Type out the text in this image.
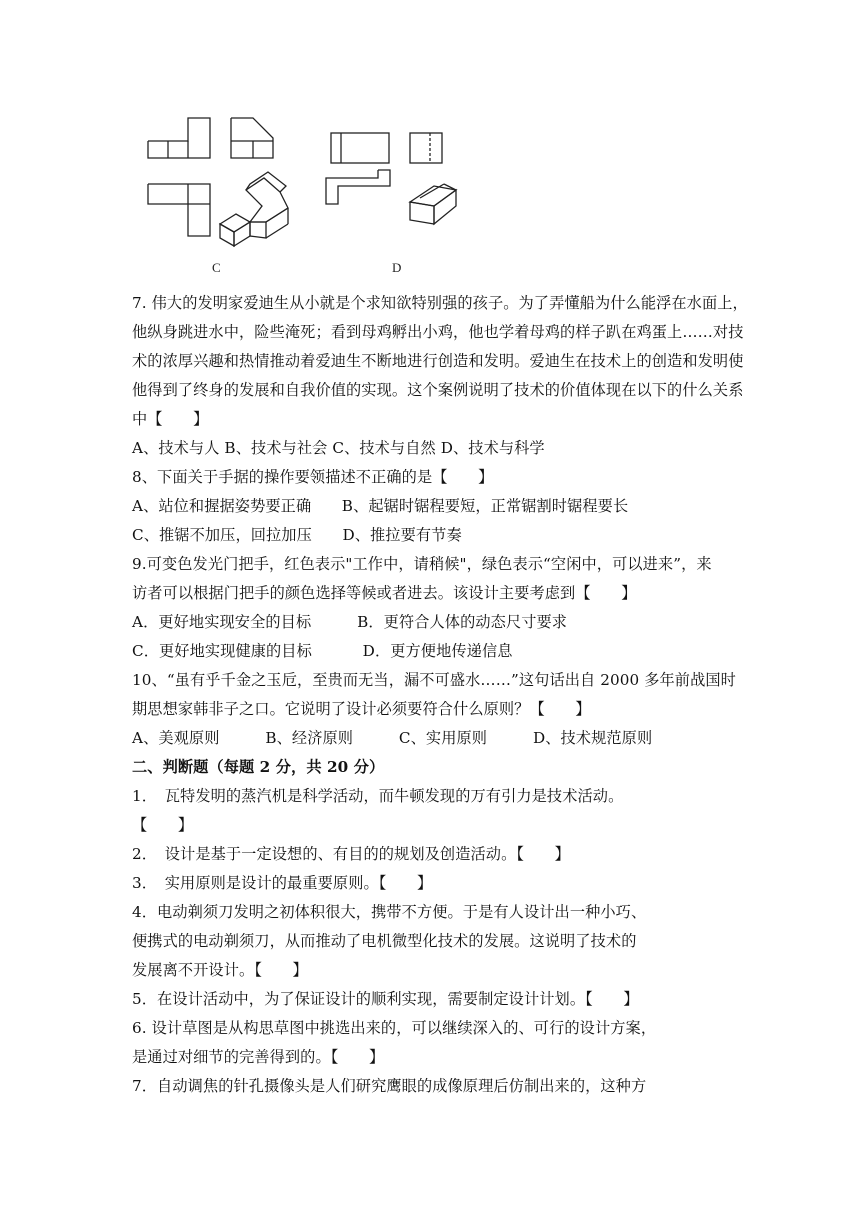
C	D
7. 伟大的发明家爱迪生从小就是个求知欲特别强的孩子。为了弄懂船为什么能浮在水面上，
他纵身跳进水中，险些淹死；看到母鸡孵出小鸡，他也学着母鸡的样子趴在鸡蛋上……对技
术的浓厚兴趣和热情推动着爱迪生不断地进行创造和发明。爱迪生在技术上的创造和发明使
他得到了终身的发展和自我价值的实现。这个案例说明了技术的价值体现在以下的什么关系
中【　　】
A、技术与人 B、技术与社会 C、技术与自然 D、技术与科学
8、下面关于手据的操作要领描述不正确的是【　　】
A、站位和握据姿势要正确　　B、起锯时锯程要短，正常锯割时锯程要长
C、推锯不加压，回拉加压　　D、推拉要有节奏
9.可变色发光门把手，红色表示"工作中，请稍候"，绿色表示“空闲中，可以进来”，来
访者可以根据门把手的颜色选择等候或者进去。该设计主要考虑到【　　】
A．更好地实现安全的目标　　　B．更符合人体的动态尺寸要求
C．更好地实现健康的目标　　　 D．更方便地传递信息
10、“虽有乎千金之玉卮，至贵而无当，漏不可盛水……”这句话出自 2000 多年前战国时
期思想家韩非子之口。它说明了设计必须要符合什么原则？【　　】
A、美观原则　　　B、经济原则　　　C、实用原则　　　D、技术规范原则
二、判断题（每题 2 分，共 20 分）
1．　瓦特发明的蒸汽机是科学活动，而牛顿发现的万有引力是技术活动。
【　　】
2．　设计是基于一定设想的、有目的的规划及创造活动。【　　】
3．　实用原则是设计的最重要原则。【　　】
4．电动剃须刀发明之初体积很大，携带不方便。于是有人设计出一种小巧、
便携式的电动剃须刀，从而推动了电机微型化技术的发展。这说明了技术的
发展离不开设计。【　　】
5．在设计活动中，为了保证设计的顺利实现，需要制定设计计划。【　　】
6. 设计草图是从构思草图中挑选出来的，可以继续深入的、可行的设计方案，
是通过对细节的完善得到的。【　　】
7．自动调焦的针孔摄像头是人们研究鹰眼的成像原理后仿制出来的，这种方
